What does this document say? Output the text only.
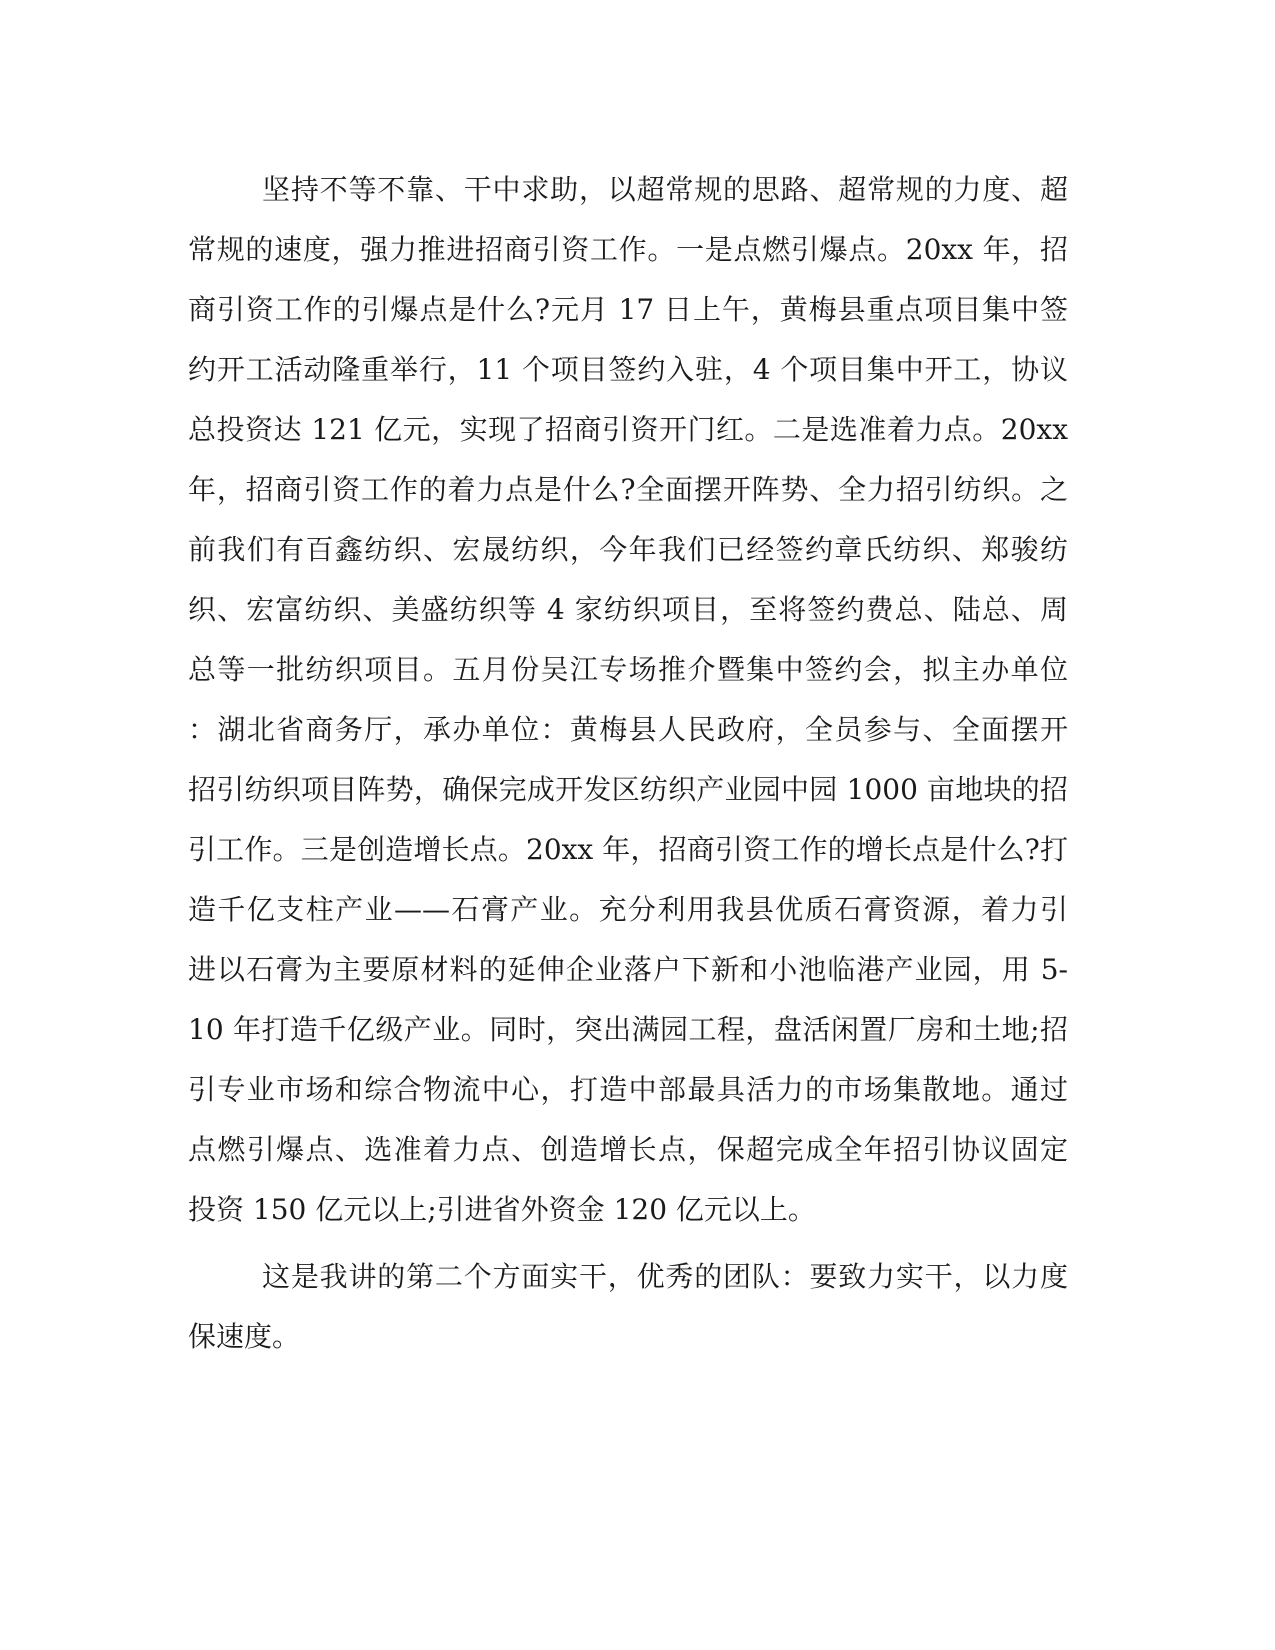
坚持不等不靠、干中求助，以超常规的思路、超常规的力度、超
常规的速度，强力推进招商引资工作。一是点燃引爆点。20xx 年，招
商引资工作的引爆点是什么?元月 17 日上午，黄梅县重点项目集中签
约开工活动隆重举行，11 个项目签约入驻，4 个项目集中开工，协议
总投资达 121 亿元，实现了招商引资开门红。二是选准着力点。20xx
年，招商引资工作的着力点是什么?全面摆开阵势、全力招引纺织。之
前我们有百鑫纺织、宏晟纺织，今年我们已经签约章氏纺织、郑骏纺
织、宏富纺织、美盛纺织等 4 家纺织项目，至将签约费总、陆总、周
总等一批纺织项目。五月份吴江专场推介暨集中签约会，拟主办单位
：湖北省商务厅，承办单位：黄梅县人民政府，全员参与、全面摆开
招引纺织项目阵势，确保完成开发区纺织产业园中园 1000 亩地块的招
引工作。三是创造增长点。20xx 年，招商引资工作的增长点是什么?打
造千亿支柱产业——石膏产业。充分利用我县优质石膏资源，着力引
进以石膏为主要原材料的延伸企业落户下新和小池临港产业园，用 5-
10 年打造千亿级产业。同时，突出满园工程，盘活闲置厂房和土地;招
引专业市场和综合物流中心，打造中部最具活力的市场集散地。通过
点燃引爆点、选准着力点、创造增长点，保超完成全年招引协议固定
投资 150 亿元以上;引进省外资金 120 亿元以上。
这是我讲的第二个方面实干，优秀的团队：要致力实干，以力度
保速度。
